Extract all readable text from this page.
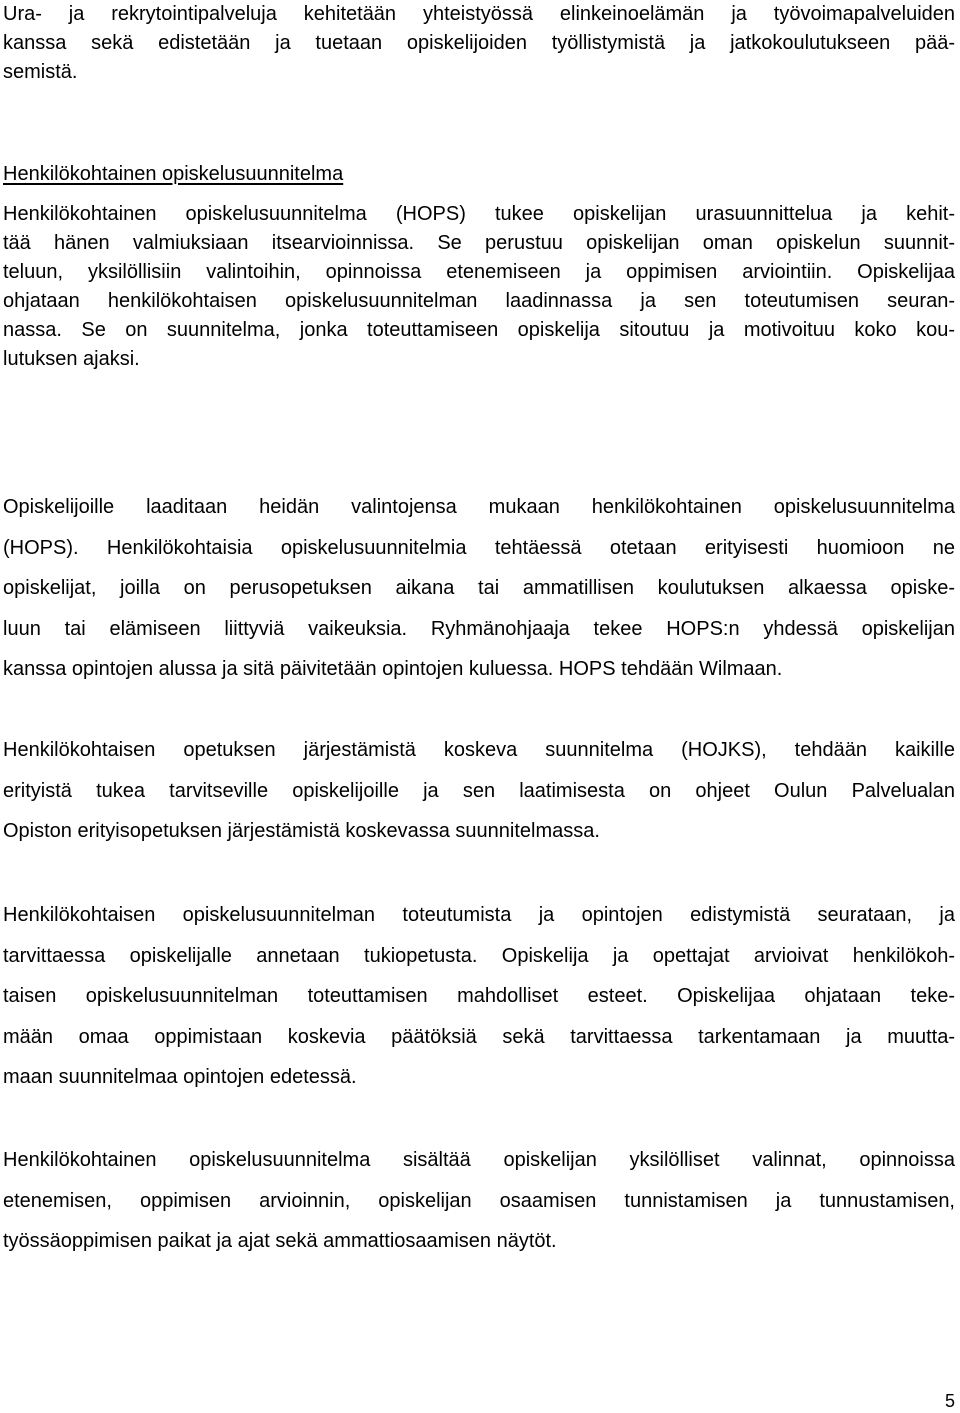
Ura- ja rekrytointipalveluja kehitetään yhteistyössä elinkeinoelämän ja työvoimapalveluiden
kanssa sekä edistetään ja tuetaan opiskelijoiden työllistymistä ja jatkokoulutukseen pää-
semistä.

Henkilökohtainen opiskelusuunnitelma

Henkilökohtainen opiskelusuunnitelma (HOPS) tukee opiskelijan urasuunnittelua ja kehit-
tää hänen valmiuksiaan itsearvioinnissa. Se perustuu opiskelijan oman opiskelun suunnit-
teluun, yksilöllisiin valintoihin, opinnoissa etenemiseen ja oppimisen arviointiin. Opiskelijaa
ohjataan henkilökohtaisen opiskelusuunnitelman laadinnassa ja sen toteutumisen seuran-
nassa. Se on suunnitelma, jonka toteuttamiseen opiskelija sitoutuu ja motivoituu koko kou-
lutuksen ajaksi.

Opiskelijoille laaditaan heidän valintojensa mukaan henkilökohtainen opiskelusuunnitelma
(HOPS). Henkilökohtaisia opiskelusuunnitelmia tehtäessä otetaan erityisesti huomioon ne
opiskelijat, joilla on perusopetuksen aikana tai ammatillisen koulutuksen alkaessa opiske-
luun tai elämiseen liittyviä vaikeuksia. Ryhmänohjaaja tekee HOPS:n yhdessä opiskelijan
kanssa opintojen alussa ja sitä päivitetään opintojen kuluessa. HOPS tehdään Wilmaan.

Henkilökohtaisen opetuksen järjestämistä koskeva suunnitelma (HOJKS), tehdään kaikille
erityistä tukea tarvitseville opiskelijoille ja sen laatimisesta on ohjeet Oulun Palvelualan
Opiston erityisopetuksen järjestämistä koskevassa suunnitelmassa.

Henkilökohtaisen opiskelusuunnitelman toteutumista ja opintojen edistymistä seurataan, ja
tarvittaessa opiskelijalle annetaan tukiopetusta. Opiskelija ja opettajat arvioivat henkilökoh-
taisen opiskelusuunnitelman toteuttamisen mahdolliset esteet. Opiskelijaa ohjataan teke-
mään omaa oppimistaan koskevia päätöksiä sekä tarvittaessa tarkentamaan ja muutta-
maan suunnitelmaa opintojen edetessä.

Henkilökohtainen opiskelusuunnitelma sisältää opiskelijan yksilölliset valinnat, opinnoissa
etenemisen, oppimisen arvioinnin, opiskelijan osaamisen tunnistamisen ja tunnustamisen,
työssäoppimisen paikat ja ajat sekä ammattiosaamisen näytöt.

5
